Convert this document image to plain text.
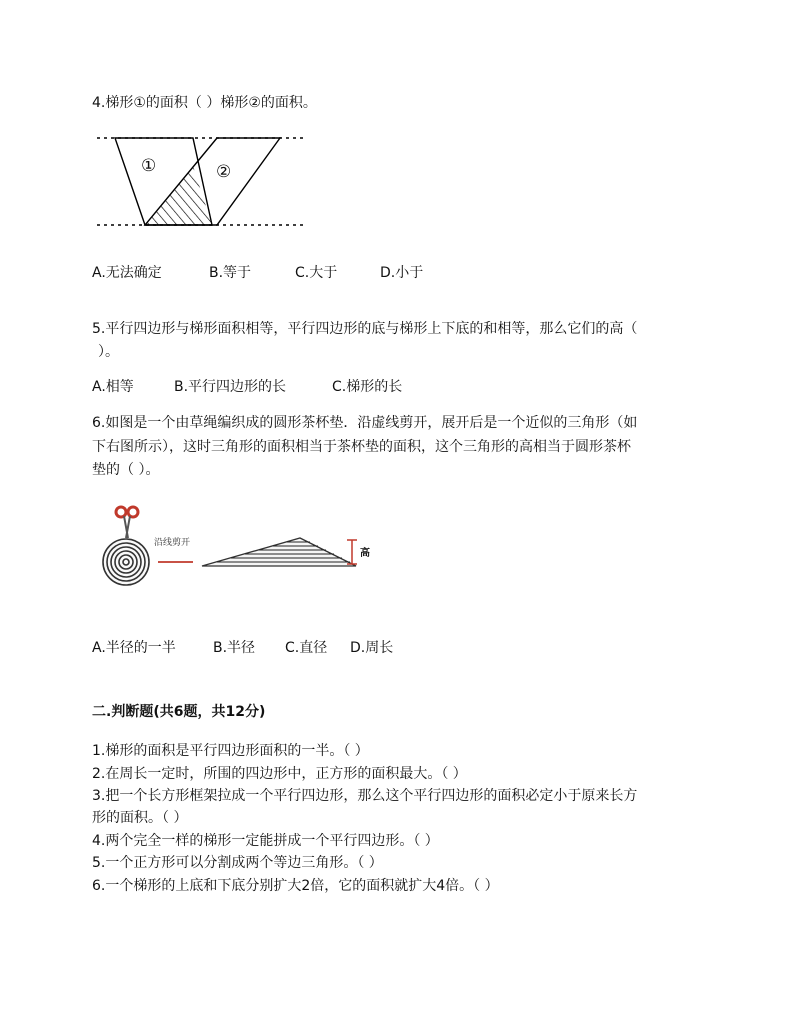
4.梯形①的面积（ ）梯形②的面积。
①	②
A.无法确定	B.等于	C.大于	D.小于
5.平行四边形与梯形面积相等，平行四边形的底与梯形上下底的和相等，那么它们的高（
）。
A.相等	B.平行四边形的长	C.梯形的长
6.如图是一个由草绳编织成的圆形茶杯垫．沿虚线剪开，展开后是一个近似的三角形（如
下右图所示），这时三角形的面积相当于茶杯垫的面积，这个三角形的高相当于圆形茶杯
垫的（ ）。
沿线剪开
高
A.半径的一半	B.半径 C.直径 D.周长
二.判断题(共6题，共12分)
1.梯形的面积是平行四边形面积的一半。（ ）
2.在周长一定时，所围的四边形中，正方形的面积最大。（ ）
3.把一个长方形框架拉成一个平行四边形，那么这个平行四边形的面积必定小于原来长方
形的面积。（ ）
4.两个完全一样的梯形一定能拼成一个平行四边形。（ ）
5.一个正方形可以分割成两个等边三角形。（ ）
6.一个梯形的上底和下底分别扩大2倍，它的面积就扩大4倍。（ ）
